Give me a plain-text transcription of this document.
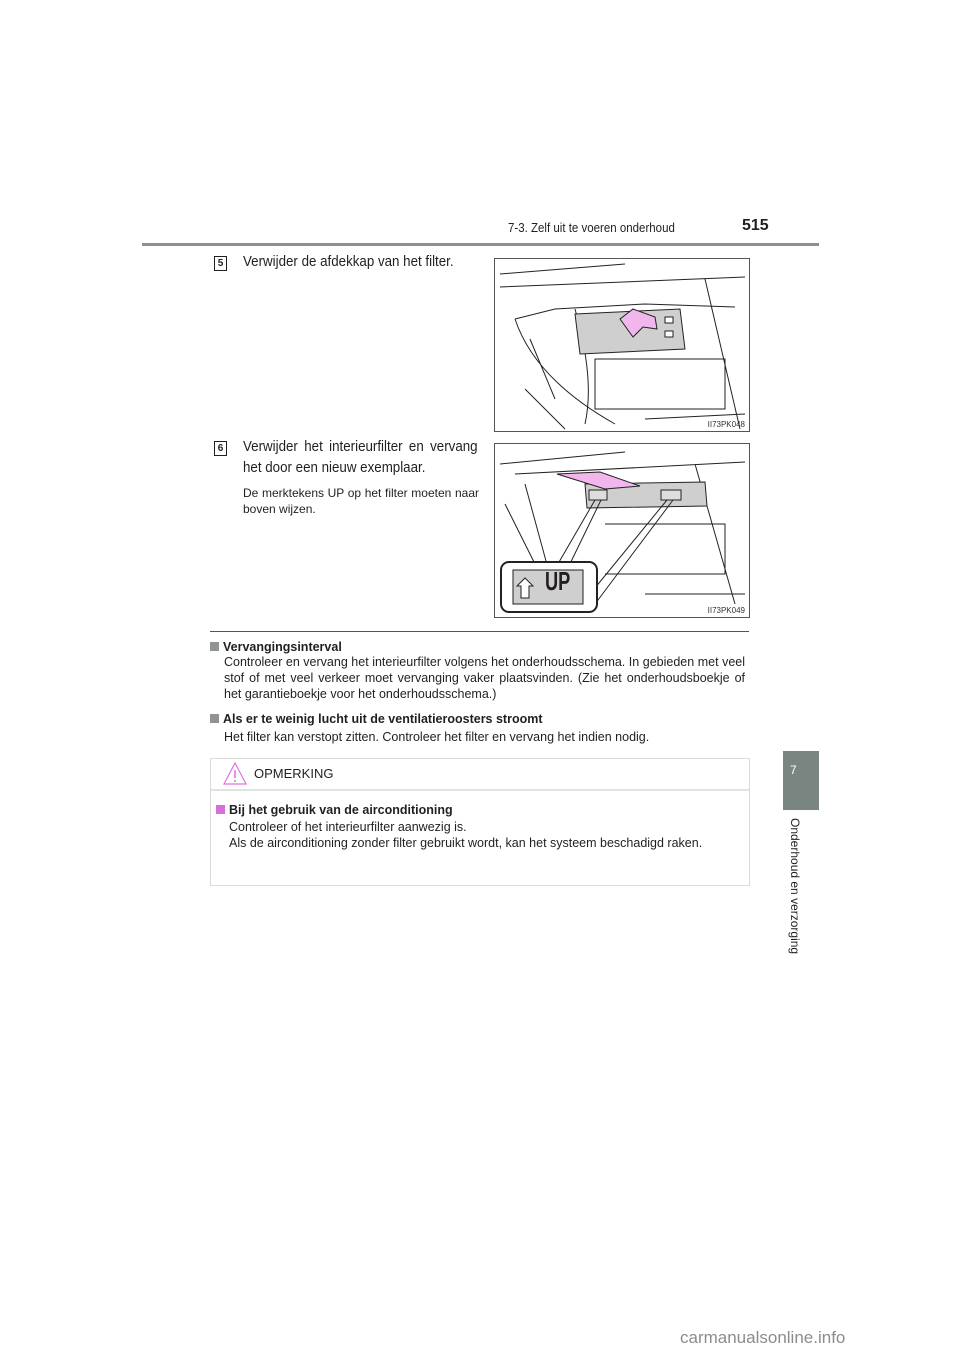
7-3. Zelf uit te voeren onderhoud	515
5 Verwijder de afdekkap van het filter.
II73PK048
6 Verwijder het interieurfilter en vervang het door een nieuw exemplaar.
De merktekens UP op het filter moeten naar boven wijzen.
UP
II73PK049
Vervangingsinterval
Controleer en vervang het interieurfilter volgens het onderhoudsschema. In gebieden met veel stof of met veel verkeer moet vervanging vaker plaatsvinden. (Zie het onderhoudsboekje of het garantieboekje voor het onderhoudsschema.)
Als er te weinig lucht uit de ventilatieroosters stroomt
Het filter kan verstopt zitten. Controleer het filter en vervang het indien nodig.
OPMERKING
Bij het gebruik van de airconditioning
Controleer of het interieurfilter aanwezig is.
Als de airconditioning zonder filter gebruikt wordt, kan het systeem beschadigd raken.
7
Onderhoud en verzorging
carmanualsonline.info
